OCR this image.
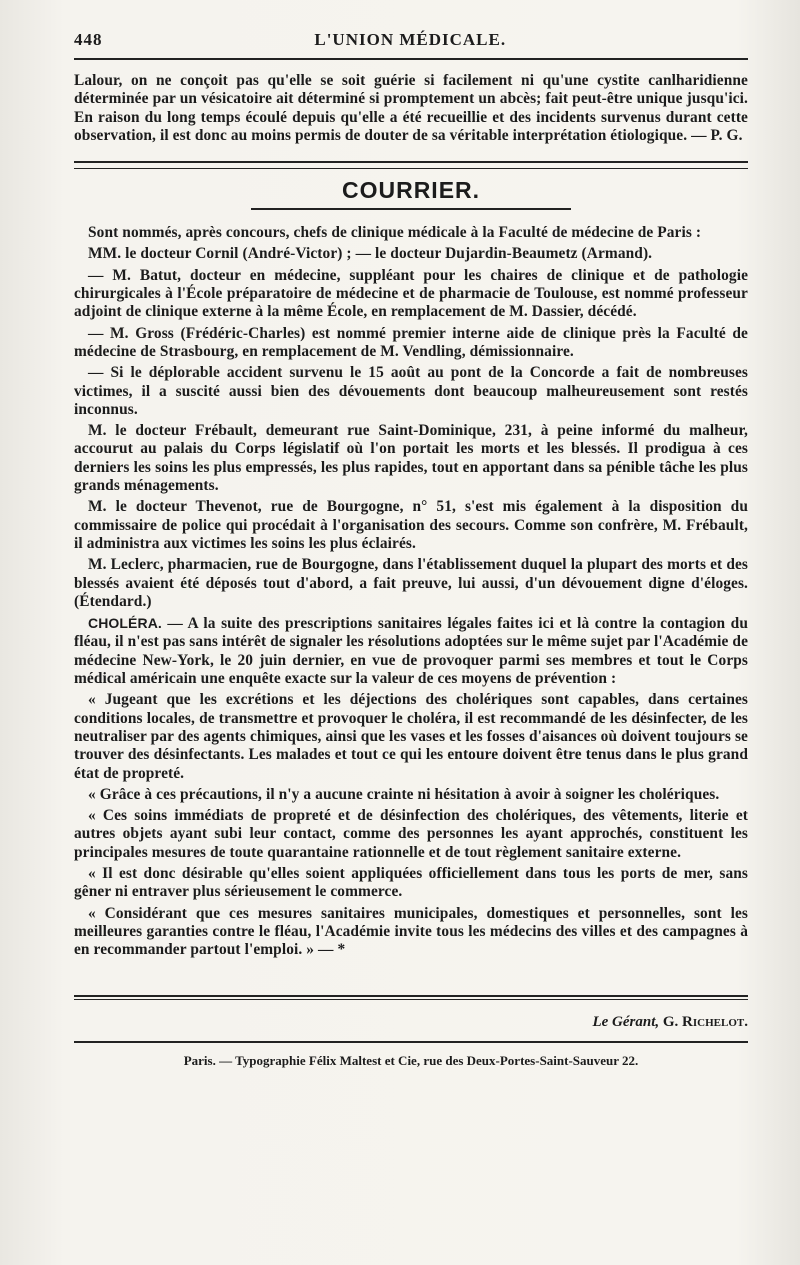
448	L'UNION MÉDICALE.

Lalour, on ne conçoit pas qu'elle se soit guérie si facilement ni qu'une cystite canlharidienne déterminée par un vésicatoire ait déterminé si promptement un abcès; fait peut-être unique jusqu'ici. En raison du long temps écoulé depuis qu'elle a été recueillie et des incidents survenus durant cette observation, il est donc au moins permis de douter de sa véritable interprétation étiologique. — P. G.

COURRIER.

Sont nommés, après concours, chefs de clinique médicale à la Faculté de médecine de Paris :

MM. le docteur Cornil (André-Victor) ; — le docteur Dujardin-Beaumetz (Armand).

— M. Batut, docteur en médecine, suppléant pour les chaires de clinique et de pathologie chirurgicales à l'École préparatoire de médecine et de pharmacie de Toulouse, est nommé professeur adjoint de clinique externe à la même École, en remplacement de M. Dassier, décédé.

— M. Gross (Frédéric-Charles) est nommé premier interne aide de clinique près la Faculté de médecine de Strasbourg, en remplacement de M. Vendling, démissionnaire.

— Si le déplorable accident survenu le 15 août au pont de la Concorde a fait de nombreuses victimes, il a suscité aussi bien des dévouements dont beaucoup malheureusement sont restés inconnus.

M. le docteur Frébault, demeurant rue Saint-Dominique, 231, à peine informé du malheur, accourut au palais du Corps législatif où l'on portait les morts et les blessés. Il prodigua à ces derniers les soins les plus empressés, les plus rapides, tout en apportant dans sa pénible tâche les plus grands ménagements.

M. le docteur Thevenot, rue de Bourgogne, n° 51, s'est mis également à la disposition du commissaire de police qui procédait à l'organisation des secours. Comme son confrère, M. Frébault, il administra aux victimes les soins les plus éclairés.

M. Leclerc, pharmacien, rue de Bourgogne, dans l'établissement duquel la plupart des morts et des blessés avaient été déposés tout d'abord, a fait preuve, lui aussi, d'un dévouement digne d'éloges. (Étendard.)

CHOLÉRA. — A la suite des prescriptions sanitaires légales faites ici et là contre la contagion du fléau, il n'est pas sans intérêt de signaler les résolutions adoptées sur le même sujet par l'Académie de médecine New-York, le 20 juin dernier, en vue de provoquer parmi ses membres et tout le Corps médical américain une enquête exacte sur la valeur de ces moyens de prévention :

« Jugeant que les excrétions et les déjections des cholériques sont capables, dans certaines conditions locales, de transmettre et provoquer le choléra, il est recommandé de les désinfecter, de les neutraliser par des agents chimiques, ainsi que les vases et les fosses d'aisances où doivent toujours se trouver des désinfectants. Les malades et tout ce qui les entoure doivent être tenus dans le plus grand état de propreté.

« Grâce à ces précautions, il n'y a aucune crainte ni hésitation à avoir à soigner les cholériques.

« Ces soins immédiats de propreté et de désinfection des cholériques, des vêtements, literie et autres objets ayant subi leur contact, comme des personnes les ayant approchés, constituent les principales mesures de toute quarantaine rationnelle et de tout règlement sanitaire externe.

« Il est donc désirable qu'elles soient appliquées officiellement dans tous les ports de mer, sans gêner ni entraver plus sérieusement le commerce.

« Considérant que ces mesures sanitaires municipales, domestiques et personnelles, sont les meilleures garanties contre le fléau, l'Académie invite tous les médecins des villes et des campagnes à en recommander partout l'emploi. » — *

Le Gérant, G. Richelot.
Paris. — Typographie Félix Maltest et Cie, rue des Deux-Portes-Saint-Sauveur 22.
